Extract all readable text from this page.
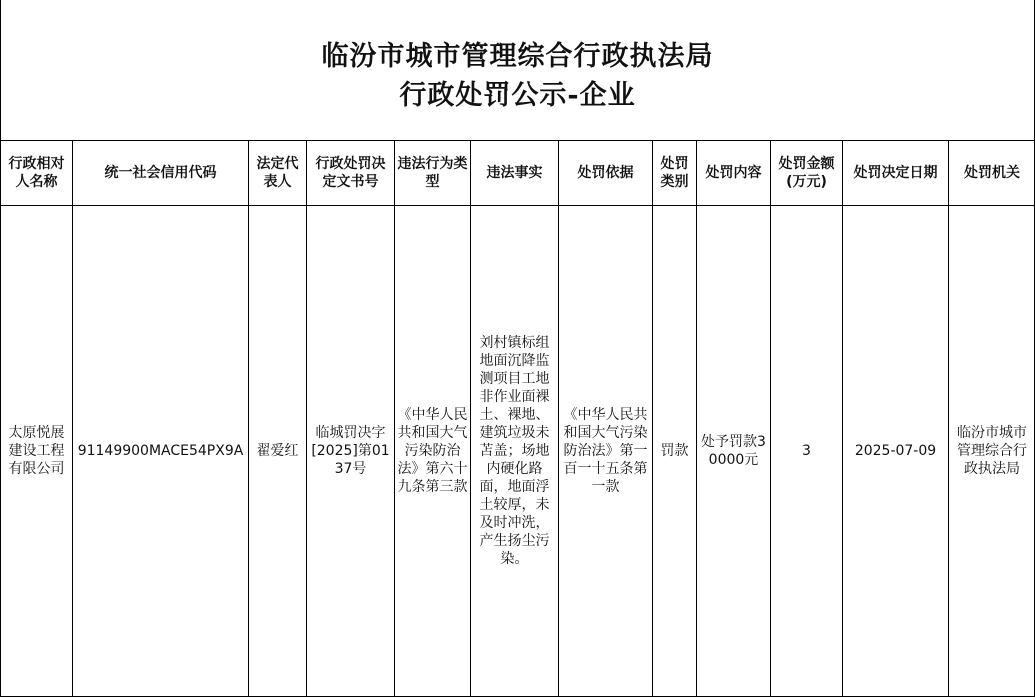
临汾市城市管理综合行政执法局
行政处罚公示-企业
行政相对人名称	统一社会信用代码	法定代表人	行政处罚决定文书号	违法行为类型	违法事实	处罚依据	处罚类别	处罚内容	处罚金额(万元)	处罚决定日期	处罚机关
太原悦展建设工程有限公司	91149900MACE54PX9A	翟爱红	临城罚决字[2025]第0137号	《中华人民共和国大气污染防治法》第六十九条第三款	刘村镇标组地面沉降监测项目工地非作业面裸土、裸地、建筑垃圾未苫盖；场地内硬化路面，地面浮土较厚，未及时冲洗，产生扬尘污染。	《中华人民共和国大气污染防治法》第一百一十五条第一款	罚款	处予罚款30000元	3	2025-07-09	临汾市城市管理综合行政执法局
